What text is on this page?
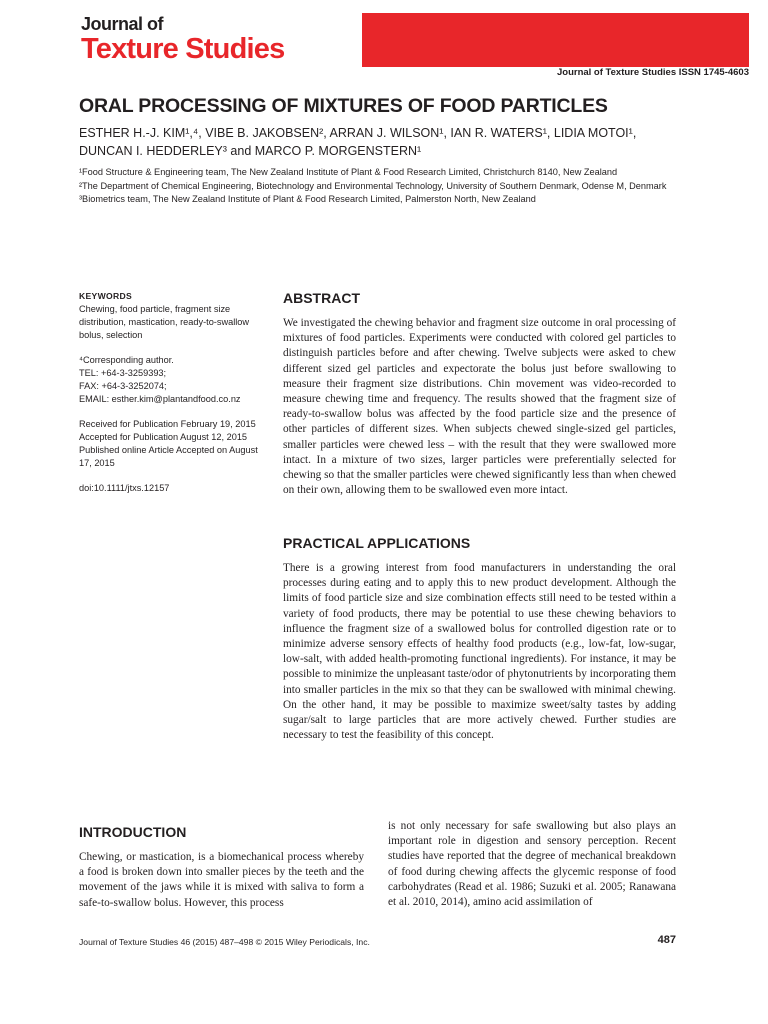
Journal of
Texture Studies
Journal of Texture Studies ISSN 1745-4603
ORAL PROCESSING OF MIXTURES OF FOOD PARTICLES
ESTHER H.-J. KIM¹,⁴, VIBE B. JAKOBSEN², ARRAN J. WILSON¹, IAN R. WATERS¹, LIDIA MOTOI¹,
DUNCAN I. HEDDERLEY³ and MARCO P. MORGENSTERN¹
¹Food Structure & Engineering team, The New Zealand Institute of Plant & Food Research Limited, Christchurch 8140, New Zealand
²The Department of Chemical Engineering, Biotechnology and Environmental Technology, University of Southern Denmark, Odense M, Denmark
³Biometrics team, The New Zealand Institute of Plant & Food Research Limited, Palmerston North, New Zealand

KEYWORDS
Chewing, food particle, fragment size distribution, mastication, ready-to-swallow bolus, selection

⁴Corresponding author.
TEL: +64-3-3259393;
FAX: +64-3-3252074;
EMAIL: esther.kim@plantandfood.co.nz

Received for Publication February 19, 2015
Accepted for Publication August 12, 2015
Published online Article Accepted on August 17, 2015

doi:10.1111/jtxs.12157

ABSTRACT

We investigated the chewing behavior and fragment size outcome in oral processing of mixtures of food particles. Experiments were conducted with colored gel particles to distinguish particles before and after chewing. Twelve subjects were asked to chew different sized gel particles and expectorate the bolus just before swallowing to measure their fragment size distributions. Chin movement was video-recorded to measure chewing time and frequency. The results showed that the fragment size of ready-to-swallow bolus was affected by the food particle size and the presence of other particles of different sizes. When subjects chewed single-sized gel particles, smaller particles were chewed less – with the result that they were swallowed more intact. In a mixture of two sizes, larger particles were preferentially selected for chewing so that the smaller particles were chewed significantly less than when chewed on their own, allowing them to be swallowed even more intact.

PRACTICAL APPLICATIONS

There is a growing interest from food manufacturers in understanding the oral processes during eating and to apply this to new product development. Although the limits of food particle size and size combination effects still need to be tested within a variety of food products, there may be potential to use these chewing behaviors to influence the fragment size of a swallowed bolus for controlled digestion rate or to minimize adverse sensory effects of healthy food products (e.g., low-fat, low-sugar, low-salt, with added health-promoting functional ingredients). For instance, it may be possible to minimize the unpleasant taste/odor of phytonutrients by incorporating them into smaller particles in the mix so that they can be swallowed with minimal chewing. On the other hand, it may be possible to maximize sweet/salty tastes by adding sugar/salt to large particles that are more actively chewed. Further studies are necessary to test the feasibility of this concept.

INTRODUCTION

Chewing, or mastication, is a biomechanical process whereby a food is broken down into smaller pieces by the teeth and the movement of the jaws while it is mixed with saliva to form a safe-to-swallow bolus. However, this process

is not only necessary for safe swallowing but also plays an important role in digestion and sensory perception. Recent studies have reported that the degree of mechanical breakdown of food during chewing affects the glycemic response of food carbohydrates (Read et al. 1986; Suzuki et al. 2005; Ranawana et al. 2010, 2014), amino acid assimilation of

Journal of Texture Studies 46 (2015) 487–498 © 2015 Wiley Periodicals, Inc.	487
